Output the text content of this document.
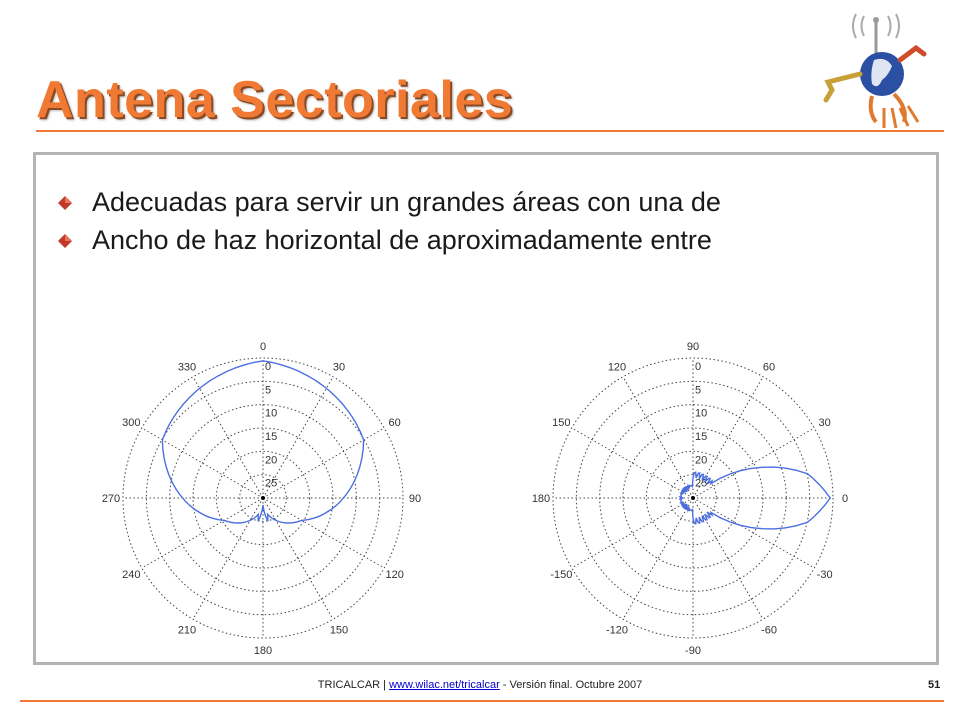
Antena Sectoriales
Adecuadas para servir un grandes áreas con una de
Ancho de haz horizontal de aproximadamente entre
0
30
60
90
120
150
180
210
240
270
300
330	0
5
10
15
20
25
90
60
30
0
-30
-60
-90
-120
-150
180
150
120	0
5
10
15
20
25
TRICALCAR | www.wilac.net/tricalcar - Versión final. Octubre 2007	51
